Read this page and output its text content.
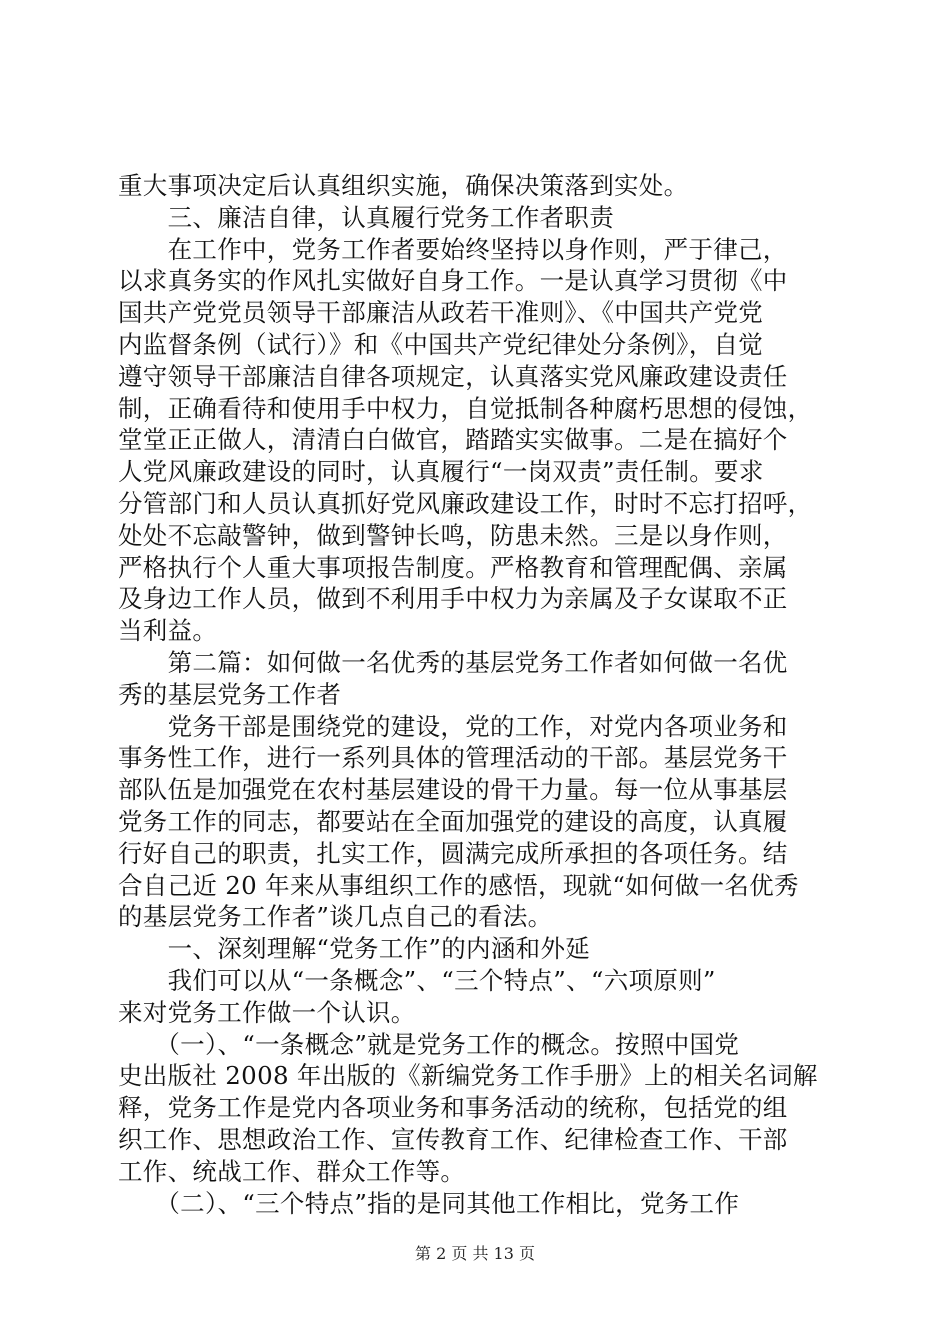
重大事项决定后认真组织实施，确保决策落到实处。
　　三、廉洁自律，认真履行党务工作者职责
　　在工作中，党务工作者要始终坚持以身作则，严于律己，
以求真务实的作风扎实做好自身工作。一是认真学习贯彻《中
国共产党党员领导干部廉洁从政若干准则》、《中国共产党党
内监督条例（试行）》和《中国共产党纪律处分条例》，自觉
遵守领导干部廉洁自律各项规定，认真落实党风廉政建设责任
制，正确看待和使用手中权力，自觉抵制各种腐朽思想的侵蚀，
堂堂正正做人，清清白白做官，踏踏实实做事。二是在搞好个
人党风廉政建设的同时，认真履行“一岗双责”责任制。要求
分管部门和人员认真抓好党风廉政建设工作，时时不忘打招呼，
处处不忘敲警钟，做到警钟长鸣，防患未然。三是以身作则，
严格执行个人重大事项报告制度。严格教育和管理配偶、亲属
及身边工作人员，做到不利用手中权力为亲属及子女谋取不正
当利益。
　　第二篇：如何做一名优秀的基层党务工作者如何做一名优
秀的基层党务工作者
　　党务干部是围绕党的建设，党的工作，对党内各项业务和
事务性工作，进行一系列具体的管理活动的干部。基层党务干
部队伍是加强党在农村基层建设的骨干力量。每一位从事基层
党务工作的同志，都要站在全面加强党的建设的高度，认真履
行好自己的职责，扎实工作，圆满完成所承担的各项任务。结
合自己近 20 年来从事组织工作的感悟，现就“如何做一名优秀
的基层党务工作者”谈几点自己的看法。
　　一、深刻理解“党务工作”的内涵和外延
　　我们可以从“一条概念”、“三个特点”、“六项原则”
来对党务工作做一个认识。
　　（一）、“一条概念”就是党务工作的概念。按照中国党
史出版社 2008 年出版的《新编党务工作手册》上的相关名词解
释，党务工作是党内各项业务和事务活动的统称，包括党的组
织工作、思想政治工作、宣传教育工作、纪律检查工作、干部
工作、统战工作、群众工作等。
　　（二）、“三个特点”指的是同其他工作相比，党务工作
第 2 页 共 13 页
